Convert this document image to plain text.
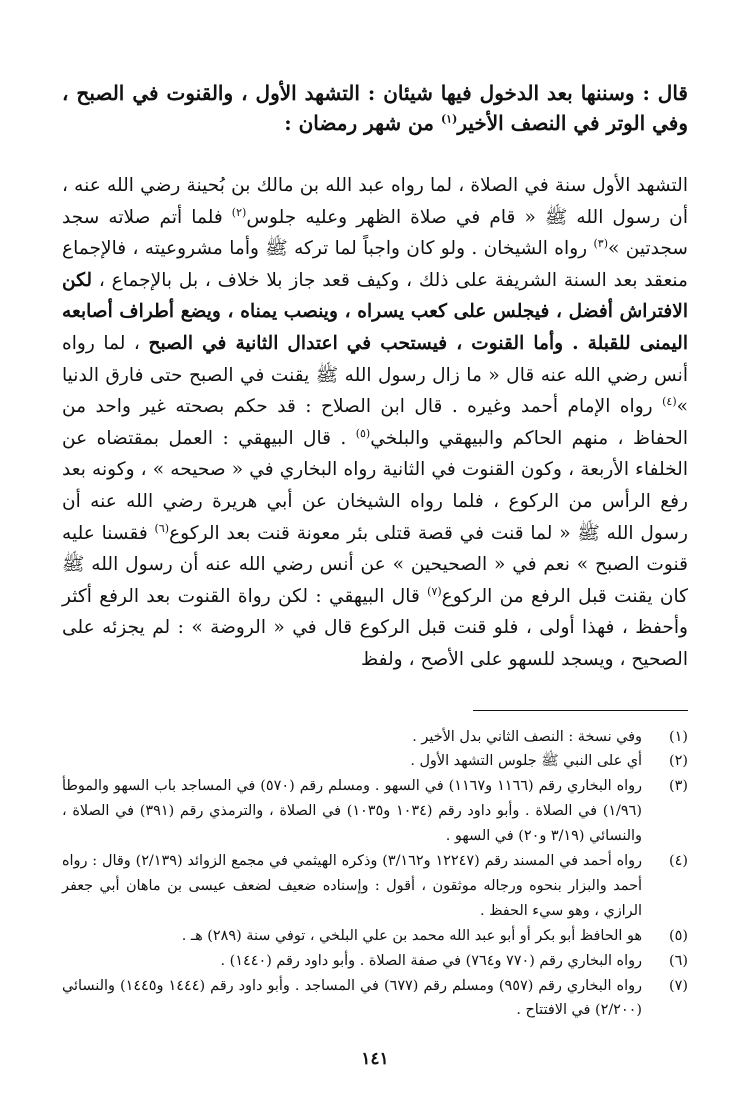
قال : وسننها بعد الدخول فيها شيئان : التشهد الأول ، والقنوت في الصبح ، وفي الوتر في النصف الأخير$^{(١)}$ من شهر رمضان :

التشهد الأول سنة في الصلاة ، لما رواه عبد الله بن مالك بن بُحينة رضي الله عنه ، أن رسول الله ﷺ « قام في صلاة الظهر وعليه جلوس$^{(٢)}$ فلما أتم صلاته سجد سجدتين »$^{(٣)}$ رواه الشيخان . ولو كان واجباً لما تركه ﷺ وأما مشروعيته ، فالإجماع منعقد بعد السنة الشريفة على ذلك ، وكيف قعد جاز بلا خلاف ، بل بالإجماع ، لكن الافتراش أفضل ، فيجلس على كعب يسراه ، وينصب يمناه ، ويضع أطراف أصابعه اليمنى للقبلة . وأما القنوت ، فيستحب في اعتدال الثانية في الصبح ، لما رواه أنس رضي الله عنه قال « ما زال رسول الله ﷺ يقنت في الصبح حتى فارق الدنيا »$^{(٤)}$ رواه الإمام أحمد وغيره . قال ابن الصلاح : قد حكم بصحته غير واحد من الحفاظ ، منهم الحاكم والبيهقي والبلخي$^{(٥)}$ . قال البيهقي : العمل بمقتضاه عن الخلفاء الأربعة ، وكون القنوت في الثانية رواه البخاري في « صحيحه » ، وكونه بعد رفع الرأس من الركوع ، فلما رواه الشيخان عن أبي هريرة رضي الله عنه أن رسول الله ﷺ « لما قنت في قصة قتلى بئر معونة قنت بعد الركوع$^{(٦)}$ فقسنا عليه قنوت الصبح » نعم في « الصحيحين » عن أنس رضي الله عنه أن رسول الله ﷺ كان يقنت قبل الرفع من الركوع$^{(٧)}$ قال البيهقي : لكن رواة القنوت بعد الرفع أكثر وأحفظ ، فهذا أولى ، فلو قنت قبل الركوع قال في « الروضة » : لم يجزئه على الصحيح ، ويسجد للسهو على الأصح ، ولفظ

(١)
وفي نسخة : النصف الثاني بدل الأخير .
(٢)
أي على النبي ﷺ جلوس التشهد الأول .
(٣)
رواه البخاري رقم (١١٦٦ و١١٦٧) في السهو . ومسلم رقم (٥٧٠) في المساجد باب السهو والموطأ (١/٩٦) في الصلاة . وأبو داود رقم (١٠٣٤ و١٠٣٥) في الصلاة ، والترمذي رقم (٣٩١) في الصلاة ، والنسائي (٣/١٩ و٢٠) في السهو .
(٤)
رواه أحمد في المسند رقم (١٢٢٤٧ و٣/١٦٢) وذكره الهيثمي في مجمع الزوائد (٢/١٣٩) وقال : رواه أحمد والبزار بنحوه ورجاله موثقون ، أقول : وإسناده ضعيف لضعف عيسى بن ماهان أبي جعفر الرازي ، وهو سيء الحفظ .
(٥)
هو الحافظ أبو بكر أو أبو عبد الله محمد بن علي البلخي ، توفي سنة (٢٨٩) هـ .
(٦)
رواه البخاري رقم (٧٧٠ و٧٦٤) في صفة الصلاة . وأبو داود رقم (١٤٤٠) .
(٧)
رواه البخاري رقم (٩٥٧) ومسلم رقم (٦٧٧) في المساجد . وأبو داود رقم (١٤٤٤ و١٤٤٥) والنسائي (٢/٢٠٠) في الافتتاح .
١٤١
